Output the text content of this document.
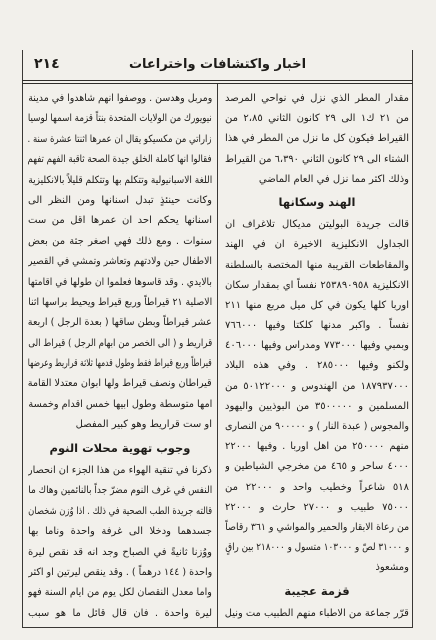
٢١٤	اخبار واكتشافات واختراعات
مقدار المطر الذي نزل في نواحي المرصد
من ٢١ ك١ الى ٢٩ كانون الثاني ٢،٨٥ من
القيراط فيكون كل ما نزل من المطر في هذا
الشتاء الى ٢٩ كانون الثاني ٦،٣٩٠ من القيراط
وذلك اكثر مما نزل في العام الماضي
الهند وسكانها
قالت جريدة البوليتن مديكال تلاغراف ان
الجداول الانكليزية الاخيرة ان في الهند
والمقاطعات القريبة منها المختصة بالسلطنة
الانكليزية ٢٥٣٨٩٠٩٥٨ نفساً اي بمقدار سكان
اوربا كلها يكون في كل ميل مربع منها ٢١١
نفساً . واكبر مدنها كلكتا وفيها ٧٦٦٠٠٠
وبمبي وفيها ٧٧٣٠٠٠ ومدراس وفيها ٤٠٦٠٠٠
ولكنو وفيها ٢٨٥٠٠٠ . وفي هذه البلاد
١٨٧٩٣٧٠٠٠ من الهندوس و ٥٠١٢٢٠٠٠ من
المسلمين و ٣٥٠٠٠٠٠ من البوذيين واليهود
والمجوس ( عبدة النار ) و ٩٠٠٠٠٠ من النصارى
منهم ٢٥٠٠٠٠ من اهل اوربا . وفيها ٢٢٠٠٠
٤٠٠٠ ساحر و ٤٦٥ من مخرجي الشياطين و
٥١٨ شاعراً وخطيب واحد و ٢٢٠٠٠ من
٧٥٠٠٠ طبيب و ٢٧٠٠٠ حارث و ٢٢٠٠٠
من رعاة الابقار والحمير والمواشي و ٣٦١ رقاصاً
و ٣١٠٠٠ لصّ و ١٠٣٠٠٠ متسول و ٢١٨٠٠٠ بين راقٍ
ومشعوذ
قزمة عجيبة
قرّر جماعة من الاطباء منهم الطبيب مت ونيل
ومربل وهدسن . ووصفوا انهم شاهدوا في مدينة
نيويورك من الولايات المتحدة بنتاً قزمة اسمها لوسيا
زاراتي من مكسيكو يقال ان عمرها اثنتا عشرة سنة .
فقالوا انها كاملة الخلق جيدة الصحة ثاقبة الفهم تفهم
اللغة الاسبانيولية وتتكلم بها وتتكلم قليلاً بالانكليزية
وكانت حينئذٍ تبدل اسنانها ومن النظر الى
اسنانها يحكم احد ان عمرها اقل من ست
سنوات . ومع ذلك فهي اصغر جثة من بعض
الاطفال حين ولادتهم وتعاشر وتمشي في القصير
بالايدي . وقد قاسوها فعلموا ان طولها في اقامتها
الاصلية ٢١ قيراطاً وربع قيراط ويحيط براسها اثنا
عشر قيراطاً وبطن ساقها ( بعدة الرجل ) اربعة
قراريط و ( الى الخصر من ابهام الرجل ) قيراط الى
قيراطاً وربع قيراط فقط وطول قدمها ثلاثة قراريط وعرضها
قيراطان ونصف قيراط ولها ابوان معتدلا القامة
امها متوسطة وطول ابيها خمس اقدام وخمسة
او ست قراريط وهو كبير المفصل
وجوب تهوية محلات النوم
ذكرنا في تنقية الهواء من هذا الجزء ان انحصار
النفس في غرف النوم مضرّ جداً بالنائمين وهاك ما
قالته جريدة الطب الصحية في ذلك . اذا وُزن شخصان
جسدهما ودخلا الى غرفة واحدة وناما بها
ووُزنا ثانيةً في الصباح وجد انه قد نقص ليرة
واحدة ( ١٤٤ درهماً ) . وقد ينقص ليرتين او اكثر
واما معدل النقصان لكل يوم من ايام السنة فهو
ليرة واحدة . فان قال قائل ما هو سبب
